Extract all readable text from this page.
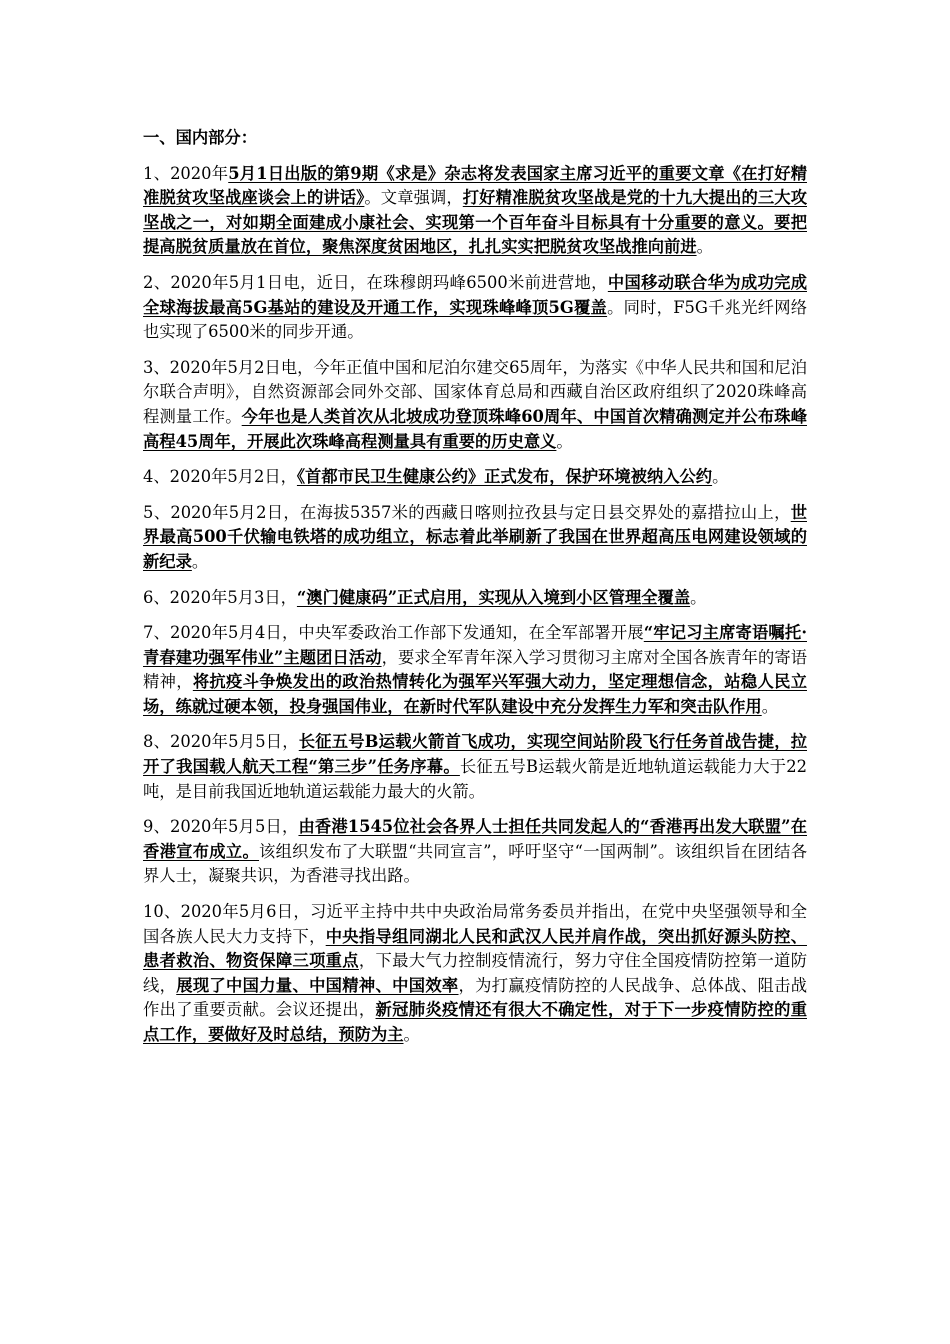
一、国内部分：

1、2020年5月1日出版的第9期《求是》杂志将发表国家主席习近平的重要文章《在打好精准脱贫攻坚战座谈会上的讲话》。文章强调，打好精准脱贫攻坚战是党的十九大提出的三大攻坚战之一，对如期全面建成小康社会、实现第一个百年奋斗目标具有十分重要的意义。要把提高脱贫质量放在首位，聚焦深度贫困地区，扎扎实实把脱贫攻坚战推向前进。

2、2020年5月1日电，近日，在珠穆朗玛峰6500米前进营地，中国移动联合华为成功完成全球海拔最高5G基站的建设及开通工作，实现珠峰峰顶5G覆盖。同时，F5G千兆光纤网络也实现了6500米的同步开通。

3、2020年5月2日电，今年正值中国和尼泊尔建交65周年，为落实《中华人民共和国和尼泊尔联合声明》，自然资源部会同外交部、国家体育总局和西藏自治区政府组织了2020珠峰高程测量工作。今年也是人类首次从北坡成功登顶珠峰60周年、中国首次精确测定并公布珠峰高程45周年，开展此次珠峰高程测量具有重要的历史意义。

4、2020年5月2日，《首都市民卫生健康公约》正式发布，保护环境被纳入公约。

5、2020年5月2日，在海拔5357米的西藏日喀则拉孜县与定日县交界处的嘉措拉山上，世界最高500千伏输电铁塔的成功组立，标志着此举刷新了我国在世界超高压电网建设领域的新纪录。

6、2020年5月3日，“澳门健康码”正式启用，实现从入境到小区管理全覆盖。

7、2020年5月4日，中央军委政治工作部下发通知，在全军部署开展“牢记习主席寄语嘱托·青春建功强军伟业”主题团日活动，要求全军青年深入学习贯彻习主席对全国各族青年的寄语精神，将抗疫斗争焕发出的政治热情转化为强军兴军强大动力，坚定理想信念，站稳人民立场，练就过硬本领，投身强国伟业，在新时代军队建设中充分发挥生力军和突击队作用。

8、2020年5月5日，长征五号B运载火箭首飞成功，实现空间站阶段飞行任务首战告捷，拉开了我国载人航天工程“第三步”任务序幕。长征五号B运载火箭是近地轨道运载能力大于22吨，是目前我国近地轨道运载能力最大的火箭。

9、2020年5月5日，由香港1545位社会各界人士担任共同发起人的“香港再出发大联盟”在香港宣布成立。该组织发布了大联盟“共同宣言”，呼吁坚守“一国两制”。该组织旨在团结各界人士，凝聚共识，为香港寻找出路。

10、2020年5月6日，习近平主持中共中央政治局常务委员并指出，在党中央坚强领导和全国各族人民大力支持下，中央指导组同湖北人民和武汉人民并肩作战，突出抓好源头防控、患者救治、物资保障三项重点，下最大气力控制疫情流行，努力守住全国疫情防控第一道防线，展现了中国力量、中国精神、中国效率，为打赢疫情防控的人民战争、总体战、阻击战作出了重要贡献。会议还提出，新冠肺炎疫情还有很大不确定性，对于下一步疫情防控的重点工作，要做好及时总结，预防为主。
